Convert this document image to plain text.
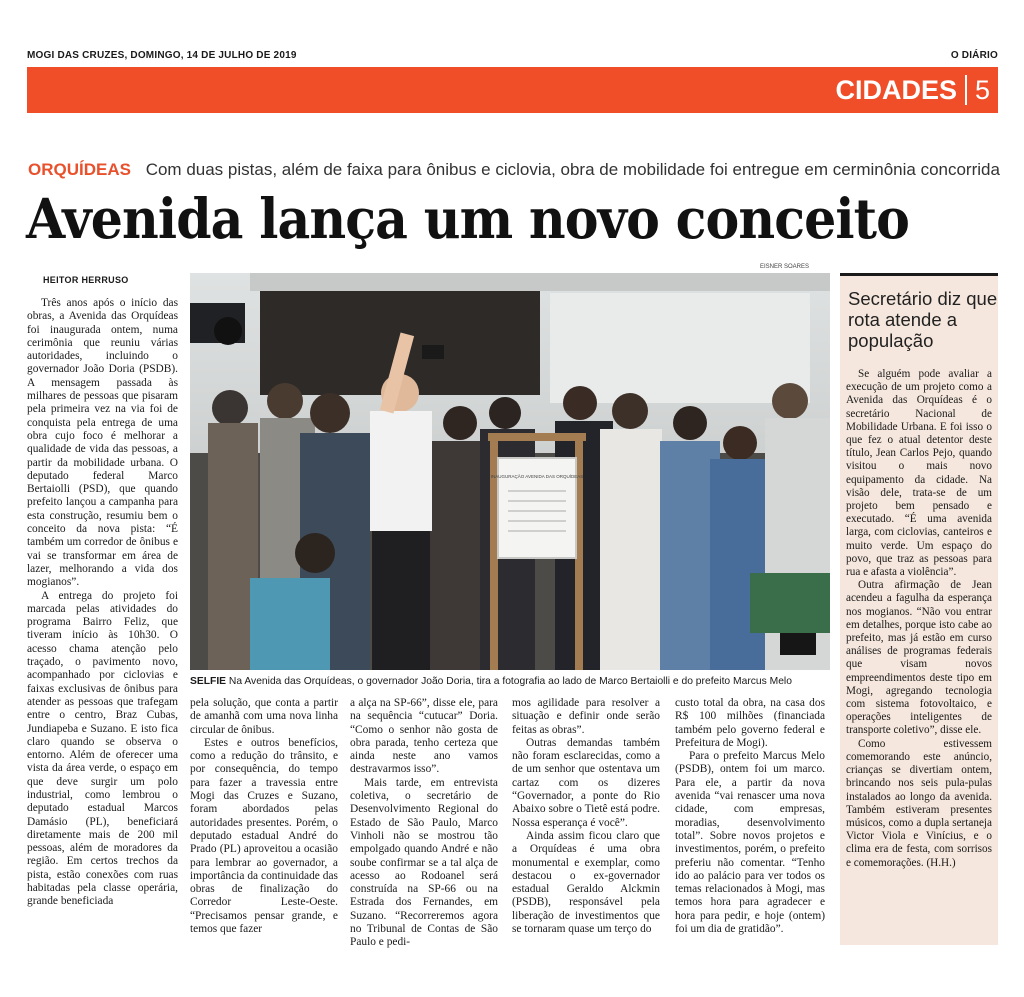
MOGI DAS CRUZES, DOMINGO, 14 DE JULHO DE 2019	O DIÁRIO
CIDADES 5
ORQUÍDEAS Com duas pistas, além de faixa para ônibus e ciclovia, obra de mobilidade foi entregue em cerminônia concorrida
Avenida lança um novo conceito
HEITOR HERRUSO
EISNER SOARES
INAUGURAÇÃO AVENIDA DAS ORQUÍDEAS
SELFIE Na Avenida das Orquídeas, o governador João Doria, tira a fotografia ao lado de Marco Bertaiolli e do prefeito Marcus Melo

Três anos após o início das obras, a Avenida das Orquídeas foi inaugurada ontem, numa cerimônia que reuniu várias autoridades, incluindo o governador João Doria (PSDB). A mensagem passada às milhares de pessoas que pisaram pela primeira vez na via foi de conquista pela entrega de uma obra cujo foco é melhorar a qualidade de vida das pessoas, a partir da mobilidade urbana. O deputado federal Marco Bertaiolli (PSD), que quando prefeito lançou a campanha para esta construção, resumiu bem o conceito da nova pista: “É também um corredor de ônibus e vai se transformar em área de lazer, melhorando a vida dos mogianos”.

A entrega do projeto foi marcada pelas atividades do programa Bairro Feliz, que tiveram início às 10h30. O acesso chama atenção pelo traçado, o pavimento novo, acompanhado por ciclovias e faixas exclusivas de ônibus para atender as pessoas que trafegam entre o centro, Braz Cubas, Jundiapeba e Suzano. E isto fica claro quando se observa o entorno. Além de oferecer uma vista da área verde, o espaço em que deve surgir um polo industrial, como lembrou o deputado estadual Marcos Damásio (PL), beneficiará diretamente mais de 200 mil pessoas, além de moradores da região. Em certos trechos da pista, estão conexões com ruas habitadas pela classe operária, grande beneficiada

pela solução, que conta a partir de amanhã com uma nova linha circular de ônibus.

Estes e outros benefícios, como a redução do trânsito, e por consequência, do tempo para fazer a travessia entre Mogi das Cruzes e Suzano, foram abordados pelas autoridades presentes. Porém, o deputado estadual André do Prado (PL) aproveitou a ocasião para lembrar ao governador, a importância da continuidade das obras de finalização do Corredor Leste-Oeste. “Precisamos pensar grande, e temos que fazer

a alça na SP-66”, disse ele, para na sequência “cutucar” Doria. “Como o senhor não gosta de obra parada, tenho certeza que ainda neste ano vamos destravarmos isso”.

Mais tarde, em entrevista coletiva, o secretário de Desenvolvimento Regional do Estado de São Paulo, Marco Vinholi não se mostrou tão empolgado quando André e não soube confirmar se a tal alça de acesso ao Rodoanel será construída na SP-66 ou na Estrada dos Fernandes, em Suzano. “Recorreremos agora no Tribunal de Contas de São Paulo e pedi-

mos agilidade para resolver a situação e definir onde serão feitas as obras”.

Outras demandas também não foram esclarecidas, como a de um senhor que ostentava um cartaz com os dizeres “Governador, a ponte do Rio Abaixo sobre o Tietê está podre. Nossa esperança é você”.

Ainda assim ficou claro que a Orquídeas é uma obra monumental e exemplar, como destacou o ex-governador estadual Geraldo Alckmin (PSDB), responsável pela liberação de investimentos que se tornaram quase um terço do

custo total da obra, na casa dos R$ 100 milhões (financiada também pelo governo federal e Prefeitura de Mogi).

Para o prefeito Marcus Melo (PSDB), ontem foi um marco. Para ele, a partir da nova avenida “vai renascer uma nova cidade, com empresas, moradias, desenvolvimento total”. Sobre novos projetos e investimentos, porém, o prefeito preferiu não comentar. “Tenho ido ao palácio para ver todos os temas relacionados à Mogi, mas temos hora para agradecer e hora para pedir, e hoje (ontem) foi um dia de gratidão”.

Secretário diz que rota atende a população

Se alguém pode avaliar a execução de um projeto como a Avenida das Orquídeas é o secretário Nacional de Mobilidade Urbana. E foi isso o que fez o atual detentor deste título, Jean Carlos Pejo, quando visitou o mais novo equipamento da cidade. Na visão dele, trata-se de um projeto bem pensado e executado. “É uma avenida larga, com ciclovias, canteiros e muito verde. Um espaço do povo, que traz as pessoas para rua e afasta a violência”.

Outra afirmação de Jean acendeu a fagulha da esperança nos mogianos. “Não vou entrar em detalhes, porque isto cabe ao prefeito, mas já estão em curso análises de programas federais que visam novos empreendimentos deste tipo em Mogi, agregando tecnologia com sistema fotovoltaico, e operações inteligentes de transporte coletivo”, disse ele.

Como estivessem comemorando este anúncio, crianças se divertiam ontem, brincando nos seis pula-pulas instalados ao longo da avenida. Também estiveram presentes músicos, como a dupla sertaneja Victor Viola e Vinícius, e o clima era de festa, com sorrisos e comemorações. (H.H.)
